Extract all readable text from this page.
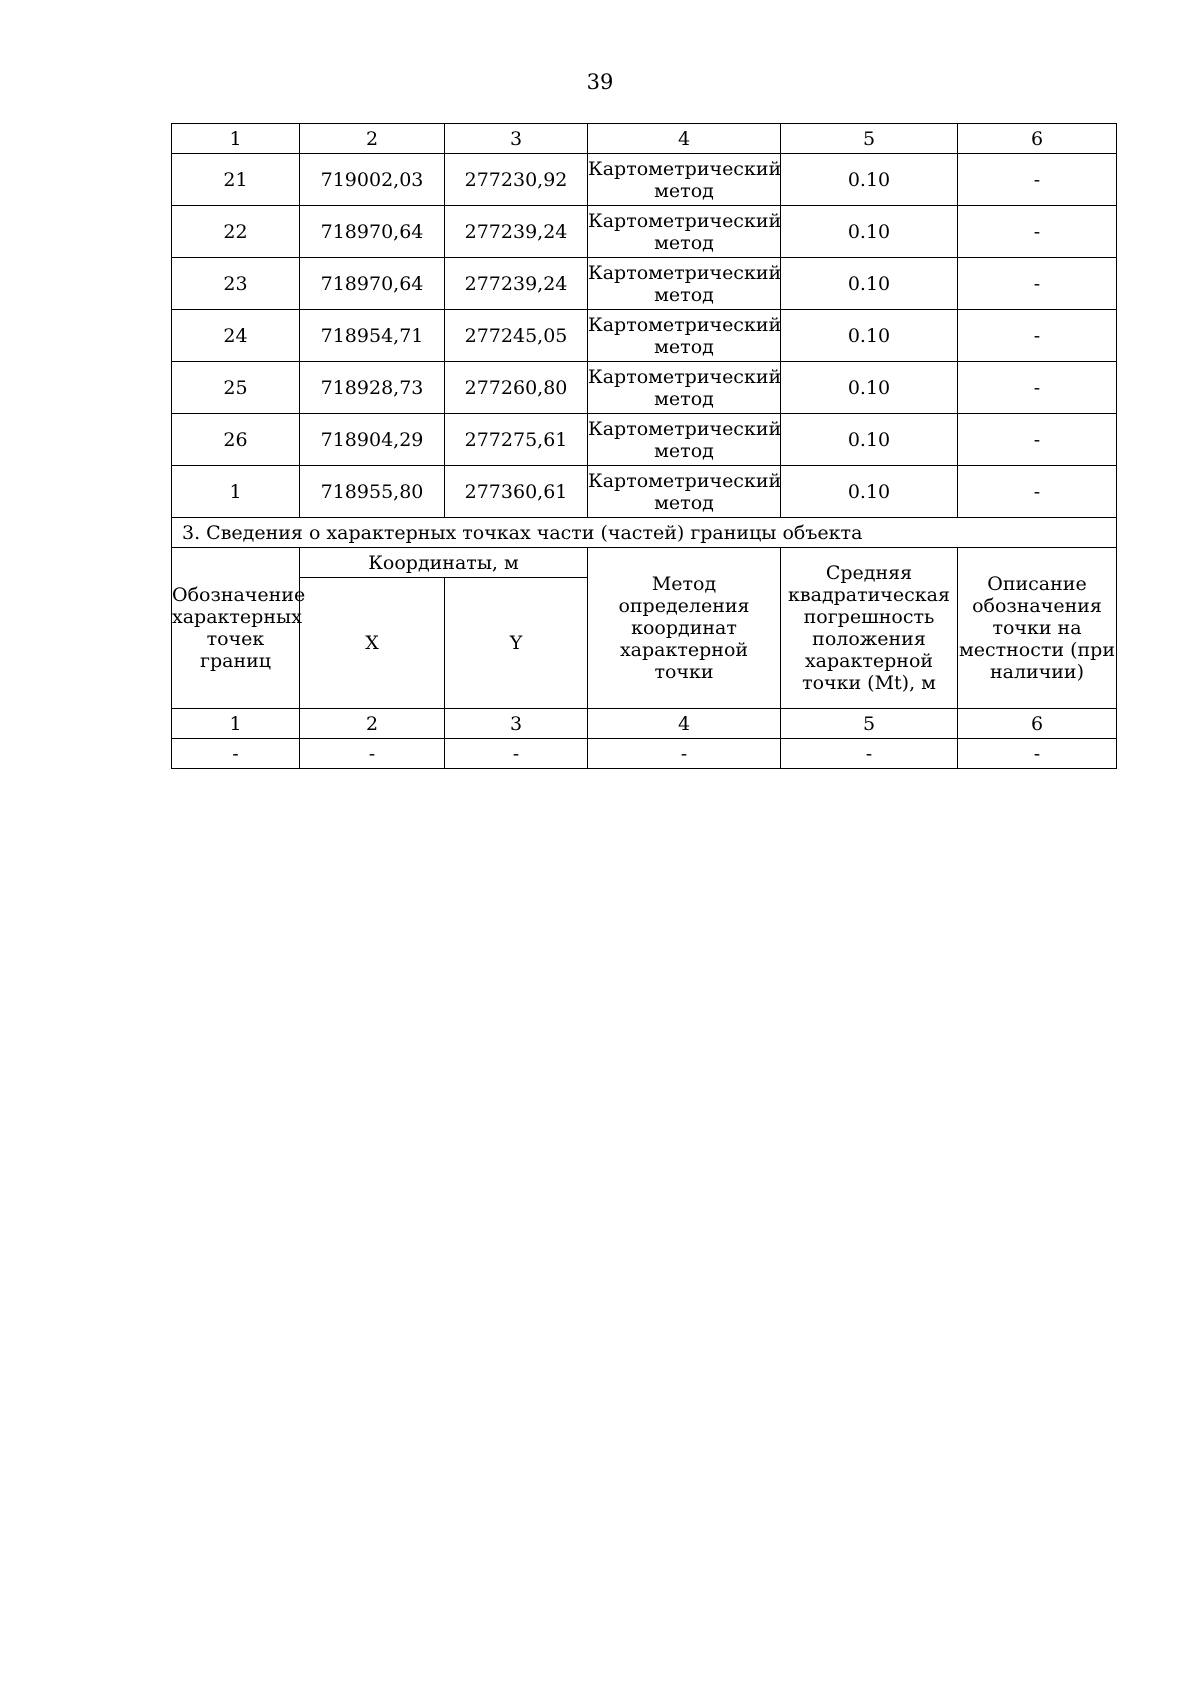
39
1	2	3	4	5	6
21	719002,03	277230,92	Картометрический метод	0.10	-
22	718970,64	277239,24	Картометрический метод	0.10	-
23	718970,64	277239,24	Картометрический метод	0.10	-
24	718954,71	277245,05	Картометрический метод	0.10	-
25	718928,73	277260,80	Картометрический метод	0.10	-
26	718904,29	277275,61	Картометрический метод	0.10	-
1	718955,80	277360,61	Картометрический метод	0.10	-
3. Сведения о характерных точках части (частей) границы объекта					
Обозначение характерных точек границ	Координаты, м		Метод определения координат характерной точки	Средняя квадратическая погрешность положения характерной точки (Mt), м	Описание обозначения точки на местности (при наличии)
	X	Y			
1	2	3	4	5	6
-	-	-	-	-	-
